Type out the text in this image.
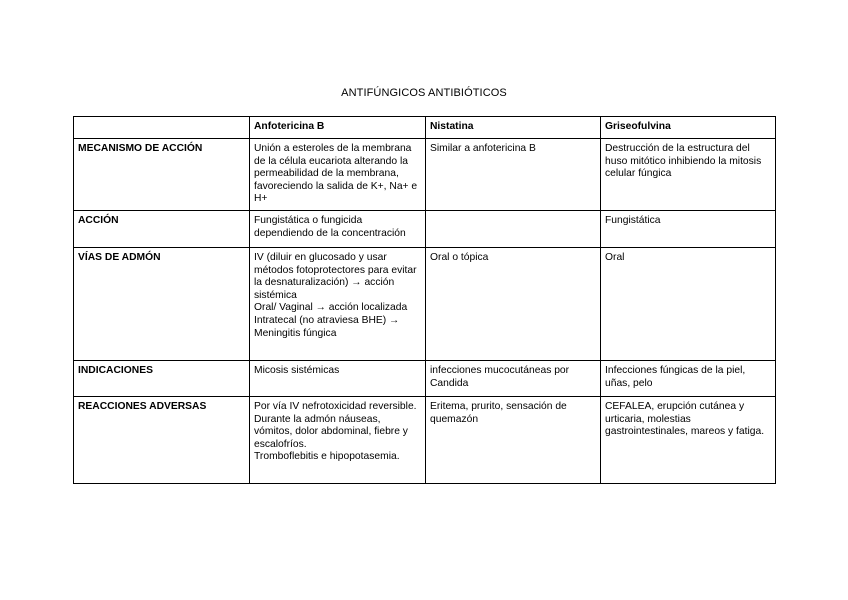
ANTIFÚNGICOS ANTIBIÓTICOS
	Anfotericina B	Nistatina	Griseofulvina
MECANISMO DE ACCIÓN	Unión a esteroles de la membrana de la célula eucariota alterando la permeabilidad de la membrana, favoreciendo la salida de K+, Na+ e H+	Similar a anfotericina B	Destrucción de la estructura del huso mitótico inhibiendo la mitosis celular fúngica

ACCIÓN	Fungistática o fungicida dependiendo de la concentración		Fungistática

VÍAS DE ADMÓN	IV (diluir en glucosado y usar métodos fotoprotectores para evitar la desnaturalización) → acción sistémica
Oral/ Vaginal → acción localizada
Intratecal (no atraviesa BHE) → Meningitis fúngica	Oral o tópica	Oral

INDICACIONES	Micosis sistémicas	infecciones mucocutáneas por Candida	Infecciones fúngicas de la piel, uñas, pelo

REACCIONES ADVERSAS	Por vía IV nefrotoxicidad reversible.
Durante la admón náuseas, vómitos, dolor abdominal, fiebre y escalofríos.
Tromboflebitis e hipopotasemia.	Eritema, prurito, sensación de quemazón	CEFALEA, erupción cutánea y urticaria, molestias gastrointestinales, mareos y fatiga.
